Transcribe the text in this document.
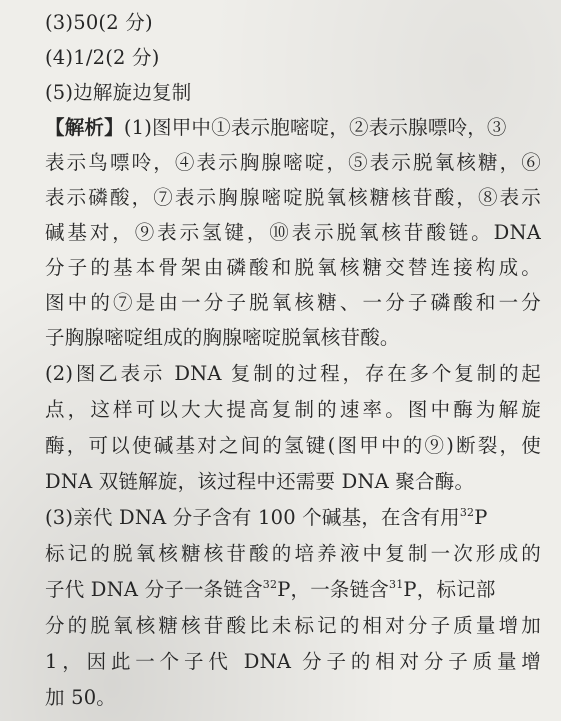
(3)50(2 分)
(4)1/2(2 分)
(5)边解旋边复制
【解析】(1)图甲中①表示胞嘧啶，②表示腺嘌呤，③
表示鸟嘌呤，④表示胸腺嘧啶，⑤表示脱氧核糖，⑥
表示磷酸，⑦表示胸腺嘧啶脱氧核糖核苷酸，⑧表示
碱基对，⑨表示氢键，⑩表示脱氧核苷酸链。DNA
分子的基本骨架由磷酸和脱氧核糖交替连接构成。
图中的⑦是由一分子脱氧核糖、一分子磷酸和一分
子胸腺嘧啶组成的胸腺嘧啶脱氧核苷酸。
(2)图乙表示 DNA 复制的过程，存在多个复制的起
点，这样可以大大提高复制的速率。图中酶为解旋
酶，可以使碱基对之间的氢键(图甲中的⑨)断裂，使
DNA 双链解旋，该过程中还需要 DNA 聚合酶。
(3)亲代 DNA 分子含有 100 个碱基，在含有用$^{32}$P
标记的脱氧核糖核苷酸的培养液中复制一次形成的
子代 DNA 分子一条链含$^{32}$P，一条链含$^{31}$P，标记部
分的脱氧核糖核苷酸比未标记的相对分子质量增加
1，因此一个子代 DNA 分子的相对分子质量增
加 50。
